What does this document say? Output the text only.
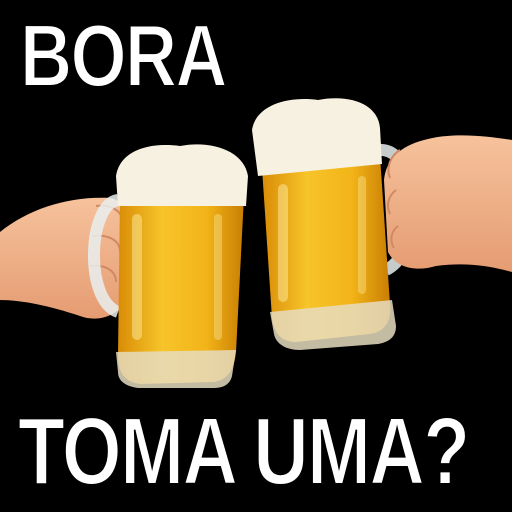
BORA
TOMA UMA?
